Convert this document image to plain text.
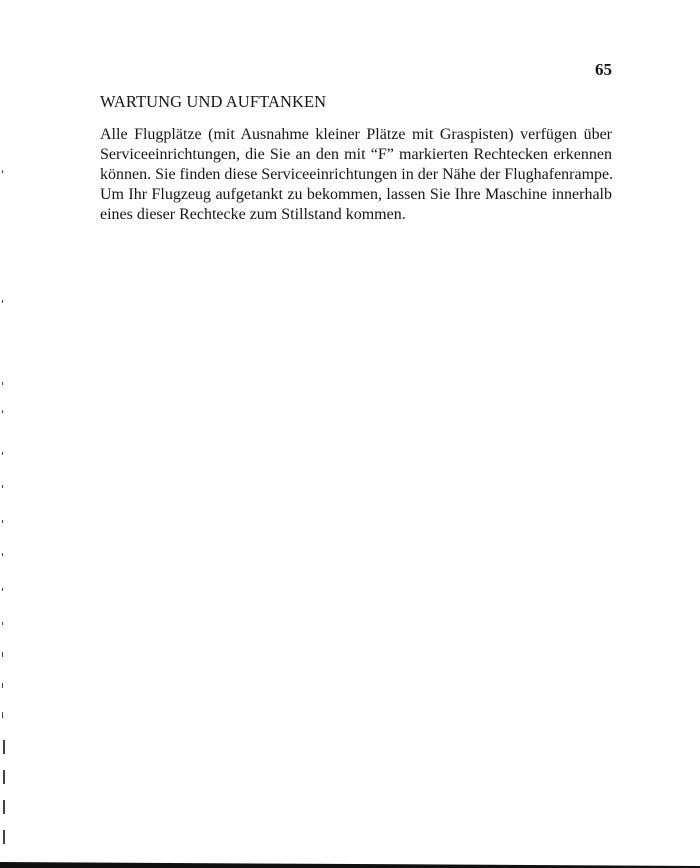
65
WARTUNG UND AUFTANKEN

Alle Flugplätze (mit Ausnahme kleiner Plätze mit Graspisten) verfügen über
Serviceeinrichtungen, die Sie an den mit “F” markierten Rechtecken erkennen
können. Sie finden diese Serviceeinrichtungen in der Nähe der Flughafenrampe.
Um Ihr Flugzeug aufgetankt zu bekommen, lassen Sie Ihre Maschine innerhalb
eines dieser Rechtecke zum Stillstand kommen.
